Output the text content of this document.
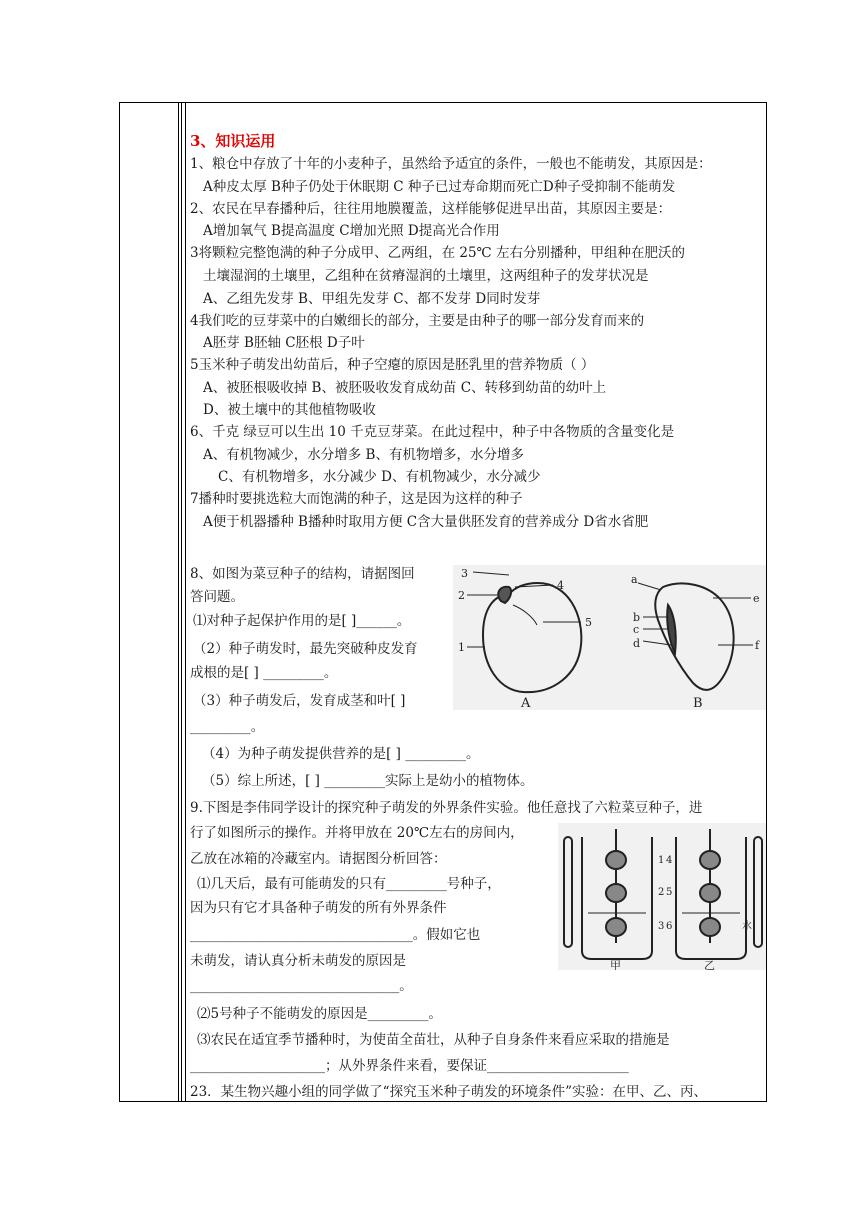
3、知识运用
1、粮仓中存放了十年的小麦种子，虽然给予适宜的条件，一般也不能萌发，其原因是：
A种皮太厚 B种子仍处于休眠期 C 种子已过寿命期而死亡D种子受抑制不能萌发
2、农民在早春播种后，往往用地膜覆盖，这样能够促进早出苗，其原因主要是：
A增加氧气 B提高温度 C增加光照 D提高光合作用
3将颗粒完整饱满的种子分成甲、乙两组，在 25℃ 左右分别播种，甲组种在肥沃的
土壤湿润的土壤里，乙组种在贫瘠湿润的土壤里，这两组种子的发芽状况是
A、乙组先发芽 B、甲组先发芽 C、都不发芽 D同时发芽
4我们吃的豆芽菜中的白嫩细长的部分，主要是由种子的哪一部分发育而来的
A胚芽 B胚轴 C胚根 D子叶
5玉米种子萌发出幼苗后，种子空瘪的原因是胚乳里的营养物质（ ）
A、被胚根吸收掉 B、被胚吸收发育成幼苗 C、转移到幼苗的幼叶上
D、被土壤中的其他植物吸收
6、千克 绿豆可以生出 10 千克豆芽菜。在此过程中，种子中各物质的含量变化是
A、有机物减少，水分增多 B、有机物增多，水分增多
C、有机物增多，水分减少 D、有机物减少，水分减少
7播种时要挑选粒大而饱满的种子，这是因为这样的种子
A便于机器播种 B播种时取用方便 C含大量供胚发育的营养成分 D省水省肥
8、如图为菜豆种子的结构，请据图回
答问题。
⑴对种子起保护作用的是[ ]______。
（2）种子萌发时，最先突破种皮发育
成根的是[ ] _________。
（3）种子萌发后，发育成茎和叶[ ]
_________。
（4）为种子萌发提供营养的是[ ] _________。
（5）综上所述，[ ] _________实际上是幼小的植物体。
3
2
4
5
1
A
a
b
c
d
e
f
B
9.下图是李伟同学设计的探究种子萌发的外界条件实验。他任意找了六粒菜豆种子，进
行了如图所示的操作。并将甲放在 20℃左右的房间内，
乙放在冰箱的冷藏室内。请据图分析回答：
⑴几天后，最有可能萌发的只有_________号种子，
因为只有它才具备种子萌发的所有外界条件
_________________________________。假如它也
未萌发，请认真分析未萌发的原因是
_______________________________。
⑵5号种子不能萌发的原因是_________。
⑶农民在适宜季节播种时，为使苗全苗壮，从种子自身条件来看应采取的措施是
____________________；从外界条件来看，要保证_____________________
23．某生物兴趣小组的同学做了“探究玉米种子萌发的环境条件”实验：在甲、乙、丙、
1
2
3
4
5
6	水
甲	乙
